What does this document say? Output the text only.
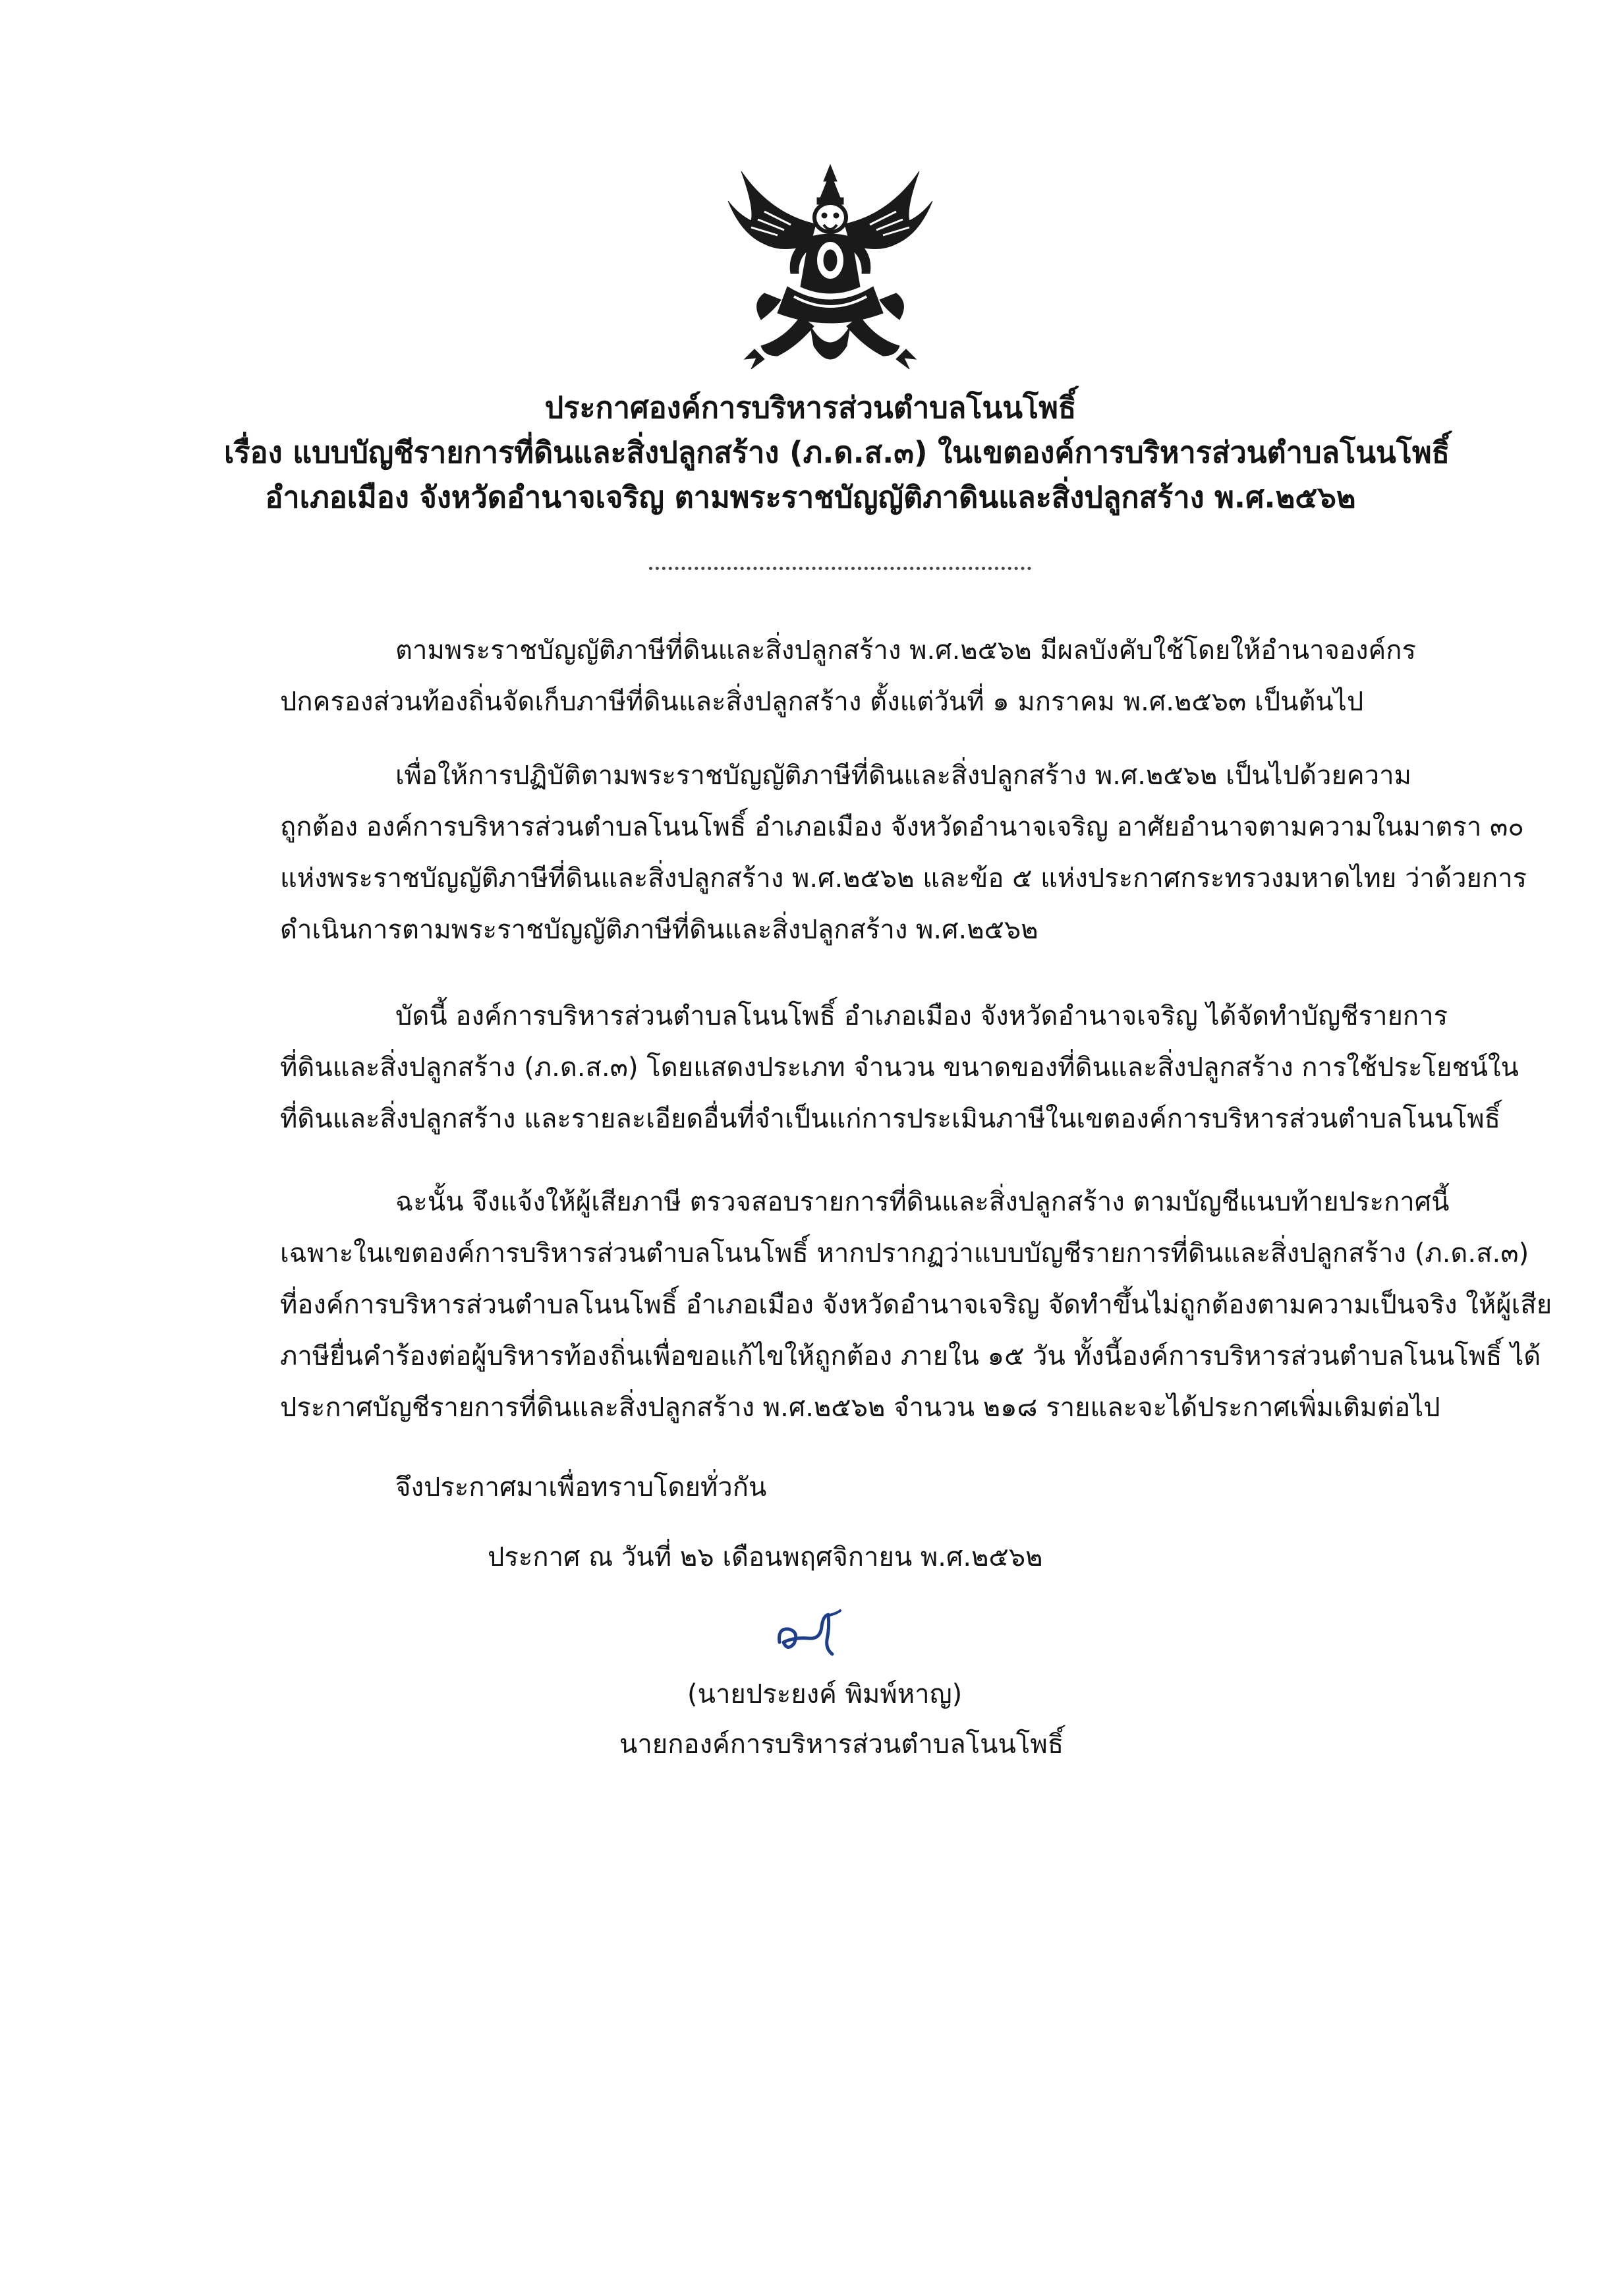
ประกาศองค์การบริหารส่วนตำบลโนนโพธิ์
เรื่อง แบบบัญชีรายการที่ดินและสิ่งปลูกสร้าง (ภ.ด.ส.๓) ในเขตองค์การบริหารส่วนตำบลโนนโพธิ์
อำเภอเมือง จังหวัดอำนาจเจริญ ตามพระราชบัญญัติภาดินและสิ่งปลูกสร้าง พ.ศ.๒๕๖๒
ตามพระราชบัญญัติภาษีที่ดินและสิ่งปลูกสร้าง พ.ศ.๒๕๖๒ มีผลบังคับใช้โดยให้อำนาจองค์กร
ปกครองส่วนท้องถิ่นจัดเก็บภาษีที่ดินและสิ่งปลูกสร้าง ตั้งแต่วันที่ ๑ มกราคม พ.ศ.๒๕๖๓ เป็นต้นไป
เพื่อให้การปฏิบัติตามพระราชบัญญัติภาษีที่ดินและสิ่งปลูกสร้าง พ.ศ.๒๕๖๒ เป็นไปด้วยความ
ถูกต้อง องค์การบริหารส่วนตำบลโนนโพธิ์ อำเภอเมือง จังหวัดอำนาจเจริญ อาศัยอำนาจตามความในมาตรา ๓๐
แห่งพระราชบัญญัติภาษีที่ดินและสิ่งปลูกสร้าง พ.ศ.๒๕๖๒ และข้อ ๕ แห่งประกาศกระทรวงมหาดไทย ว่าด้วยการ
ดำเนินการตามพระราชบัญญัติภาษีที่ดินและสิ่งปลูกสร้าง พ.ศ.๒๕๖๒
บัดนี้ องค์การบริหารส่วนตำบลโนนโพธิ์ อำเภอเมือง จังหวัดอำนาจเจริญ ได้จัดทำบัญชีรายการ
ที่ดินและสิ่งปลูกสร้าง (ภ.ด.ส.๓) โดยแสดงประเภท จำนวน ขนาดของที่ดินและสิ่งปลูกสร้าง การใช้ประโยชน์ใน
ที่ดินและสิ่งปลูกสร้าง และรายละเอียดอื่นที่จำเป็นแก่การประเมินภาษีในเขตองค์การบริหารส่วนตำบลโนนโพธิ์
ฉะนั้น จึงแจ้งให้ผู้เสียภาษี ตรวจสอบรายการที่ดินและสิ่งปลูกสร้าง ตามบัญชีแนบท้ายประกาศนี้
เฉพาะในเขตองค์การบริหารส่วนตำบลโนนโพธิ์ หากปรากฏว่าแบบบัญชีรายการที่ดินและสิ่งปลูกสร้าง (ภ.ด.ส.๓)
ที่องค์การบริหารส่วนตำบลโนนโพธิ์ อำเภอเมือง จังหวัดอำนาจเจริญ จัดทำขึ้นไม่ถูกต้องตามความเป็นจริง ให้ผู้เสีย
ภาษียื่นคำร้องต่อผู้บริหารท้องถิ่นเพื่อขอแก้ไขให้ถูกต้อง ภายใน ๑๕ วัน ทั้งนี้องค์การบริหารส่วนตำบลโนนโพธิ์ ได้
ประกาศบัญชีรายการที่ดินและสิ่งปลูกสร้าง พ.ศ.๒๕๖๒ จำนวน ๒๑๘ รายและจะได้ประกาศเพิ่มเติมต่อไป
จึงประกาศมาเพื่อทราบโดยทั่วกัน
ประกาศ ณ วันที่ ๒๖ เดือนพฤศจิกายน พ.ศ.๒๕๖๒
(นายประยงค์ พิมพ์หาญ)
นายกองค์การบริหารส่วนตำบลโนนโพธิ์
